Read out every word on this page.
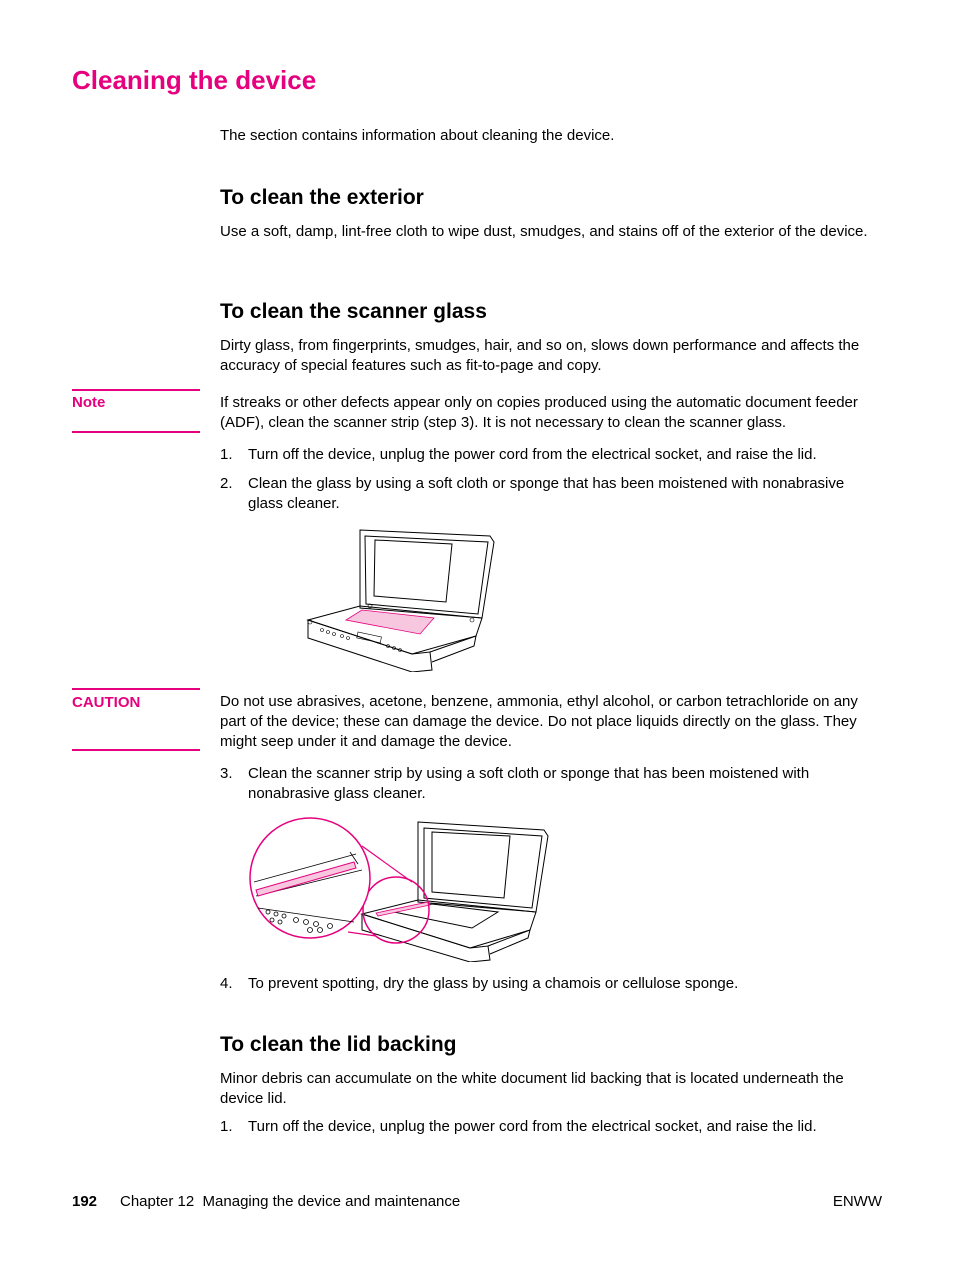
Cleaning the device
The section contains information about cleaning the device.
To clean the exterior
Use a soft, damp, lint-free cloth to wipe dust, smudges, and stains off of the exterior of the device.
To clean the scanner glass
Dirty glass, from fingerprints, smudges, hair, and so on, slows down performance and affects the accuracy of special features such as fit-to-page and copy.
Note	If streaks or other defects appear only on copies produced using the automatic document feeder (ADF), clean the scanner strip (step 3). It is not necessary to clean the scanner glass.
1. Turn off the device, unplug the power cord from the electrical socket, and raise the lid.
2. Clean the glass by using a soft cloth or sponge that has been moistened with nonabrasive glass cleaner.
CAUTION	Do not use abrasives, acetone, benzene, ammonia, ethyl alcohol, or carbon tetrachloride on any part of the device; these can damage the device. Do not place liquids directly on the glass. They might seep under it and damage the device.
3. Clean the scanner strip by using a soft cloth or sponge that has been moistened with nonabrasive glass cleaner.
4. To prevent spotting, dry the glass by using a chamois or cellulose sponge.
To clean the lid backing
Minor debris can accumulate on the white document lid backing that is located underneath the device lid.
1. Turn off the device, unplug the power cord from the electrical socket, and raise the lid.
192 Chapter 12  Managing the device and maintenance	ENWW
